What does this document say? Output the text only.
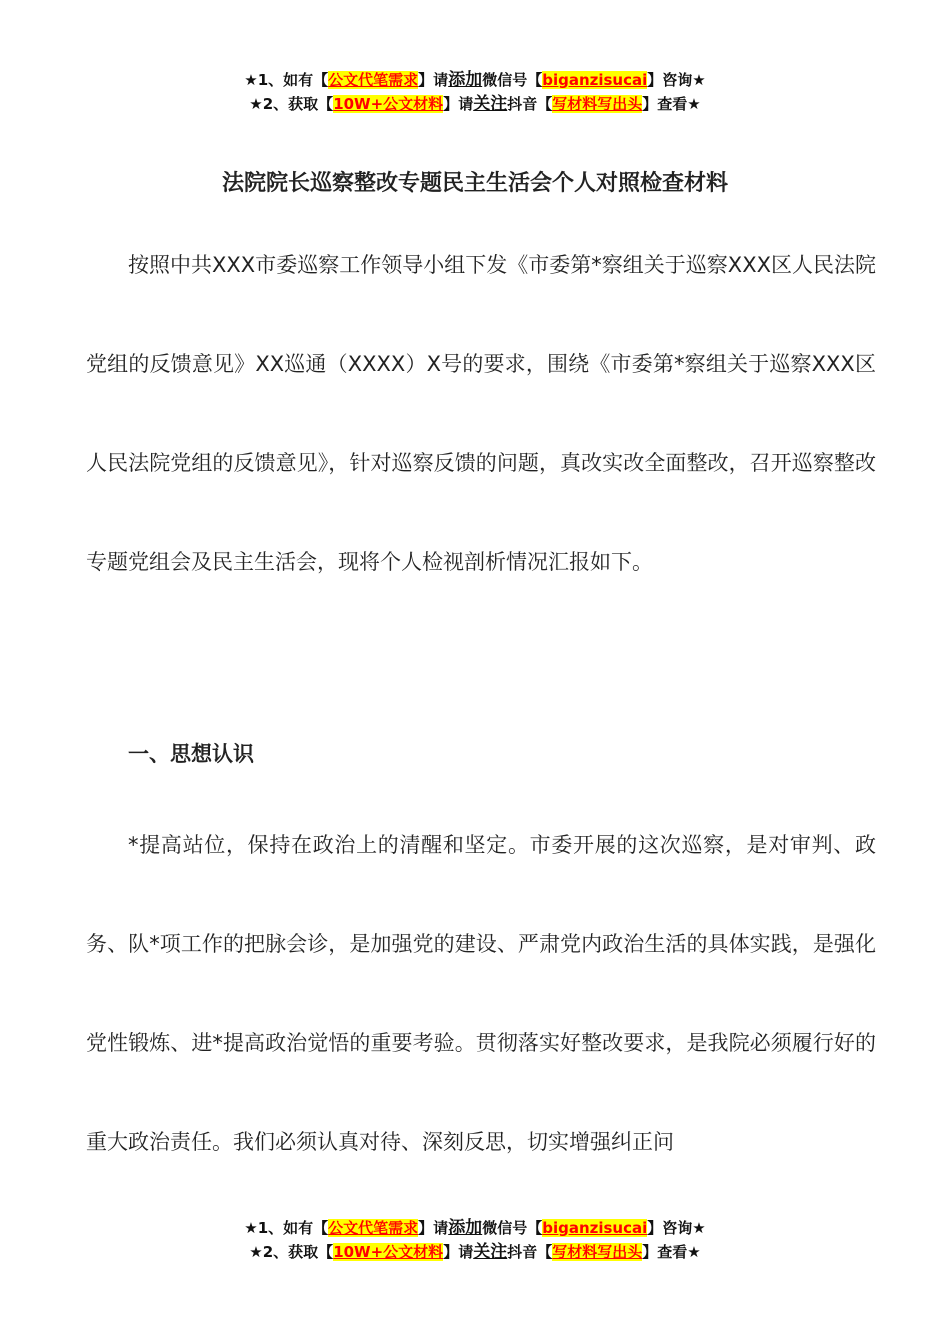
★1、如有【公文代笔需求】请添加微信号【biganzisucai】咨询★
★2、获取【10W+公文材料】请关注抖音【写材料写出头】查看★
法院院长巡察整改专题民主生活会个人对照检查材料

按照中共XXX市委巡察工作领导小组下发《市委第*察组关于巡察XXX区人民法院党组的反馈意见》XX巡通（XXXX）X号的要求，围绕《市委第*察组关于巡察XXX区人民法院党组的反馈意见》，针对巡察反馈的问题，真改实改全面整改，召开巡察整改专题党组会及民主生活会，现将个人检视剖析情况汇报如下。

一、思想认识

*提高站位，保持在政治上的清醒和坚定。市委开展的这次巡察，是对审判、政务、队*项工作的把脉会诊，是加强党的建设、严肃党内政治生活的具体实践，是强化党性锻炼、进*提高政治觉悟的重要考验。贯彻落实好整改要求，是我院必须履行好的重大政治责任。我们必须认真对待、深刻反思，切实增强纠正问

★1、如有【公文代笔需求】请添加微信号【biganzisucai】咨询★
★2、获取【10W+公文材料】请关注抖音【写材料写出头】查看★
